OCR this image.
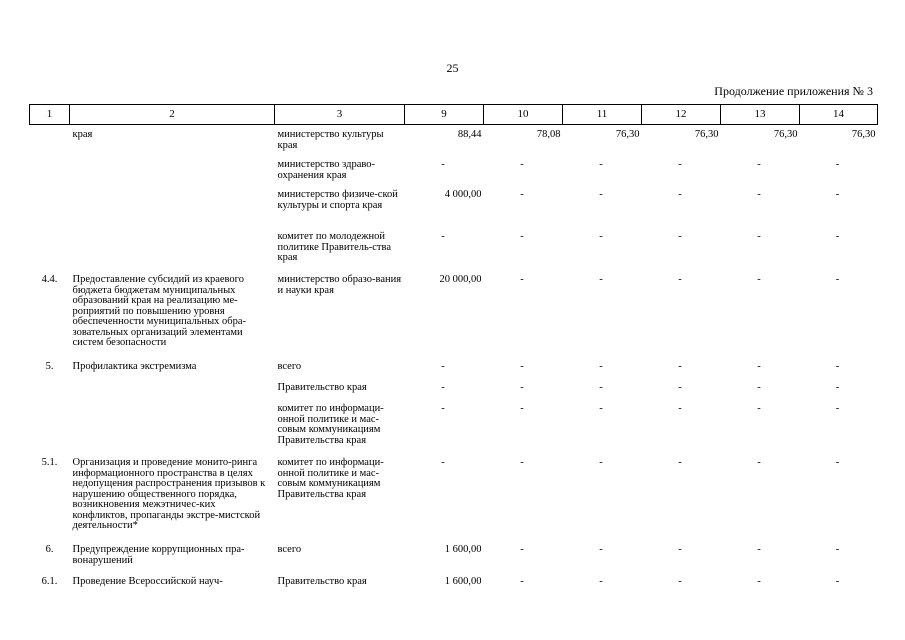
25
Продолжение приложения № 3
1	2	3	9	10	11	12	13	14

	края	министерство культуры края	88,44	78,08	76,30	76,30	76,30	76,30
		министерство здраво-охранения края	-	-	-	-	-	-
		министерство физиче-ской культуры и спорта края	4 000,00	-	-	-	-	-
		комитет по молодежной политике Правитель-ства края	-	-	-	-	-	-
4.4.	Предоставление субсидий из краевого бюджета бюджетам муниципальных образований края на реализацию ме-роприятий по повышению уровня обеспеченности муниципальных обра-зовательных организаций элементами систем безопасности	министерство образо-вания и науки края	20 000,00	-	-	-	-	-
5.	Профилактика экстремизма	всего	-	-	-	-	-	-
		Правительство края	-	-	-	-	-	-
		комитет по информаци-онной политике и мас-совым коммуникациям Правительства края	-	-	-	-	-	-
5.1.	Организация и проведение монито-ринга информационного пространства в целях недопущения распространения призывов к нарушению общественного порядка, возникновения межэтничес-ких конфликтов, пропаганды экстре-мистской деятельности*	комитет по информаци-онной политике и мас-совым коммуникациям Правительства края	-	-	-	-	-	-
6.	Предупреждение коррупционных пра-вонарушений	всего	1 600,00	-	-	-	-	-
6.1.	Проведение Всероссийской науч-	Правительство края	1 600,00	-	-	-	-	-
